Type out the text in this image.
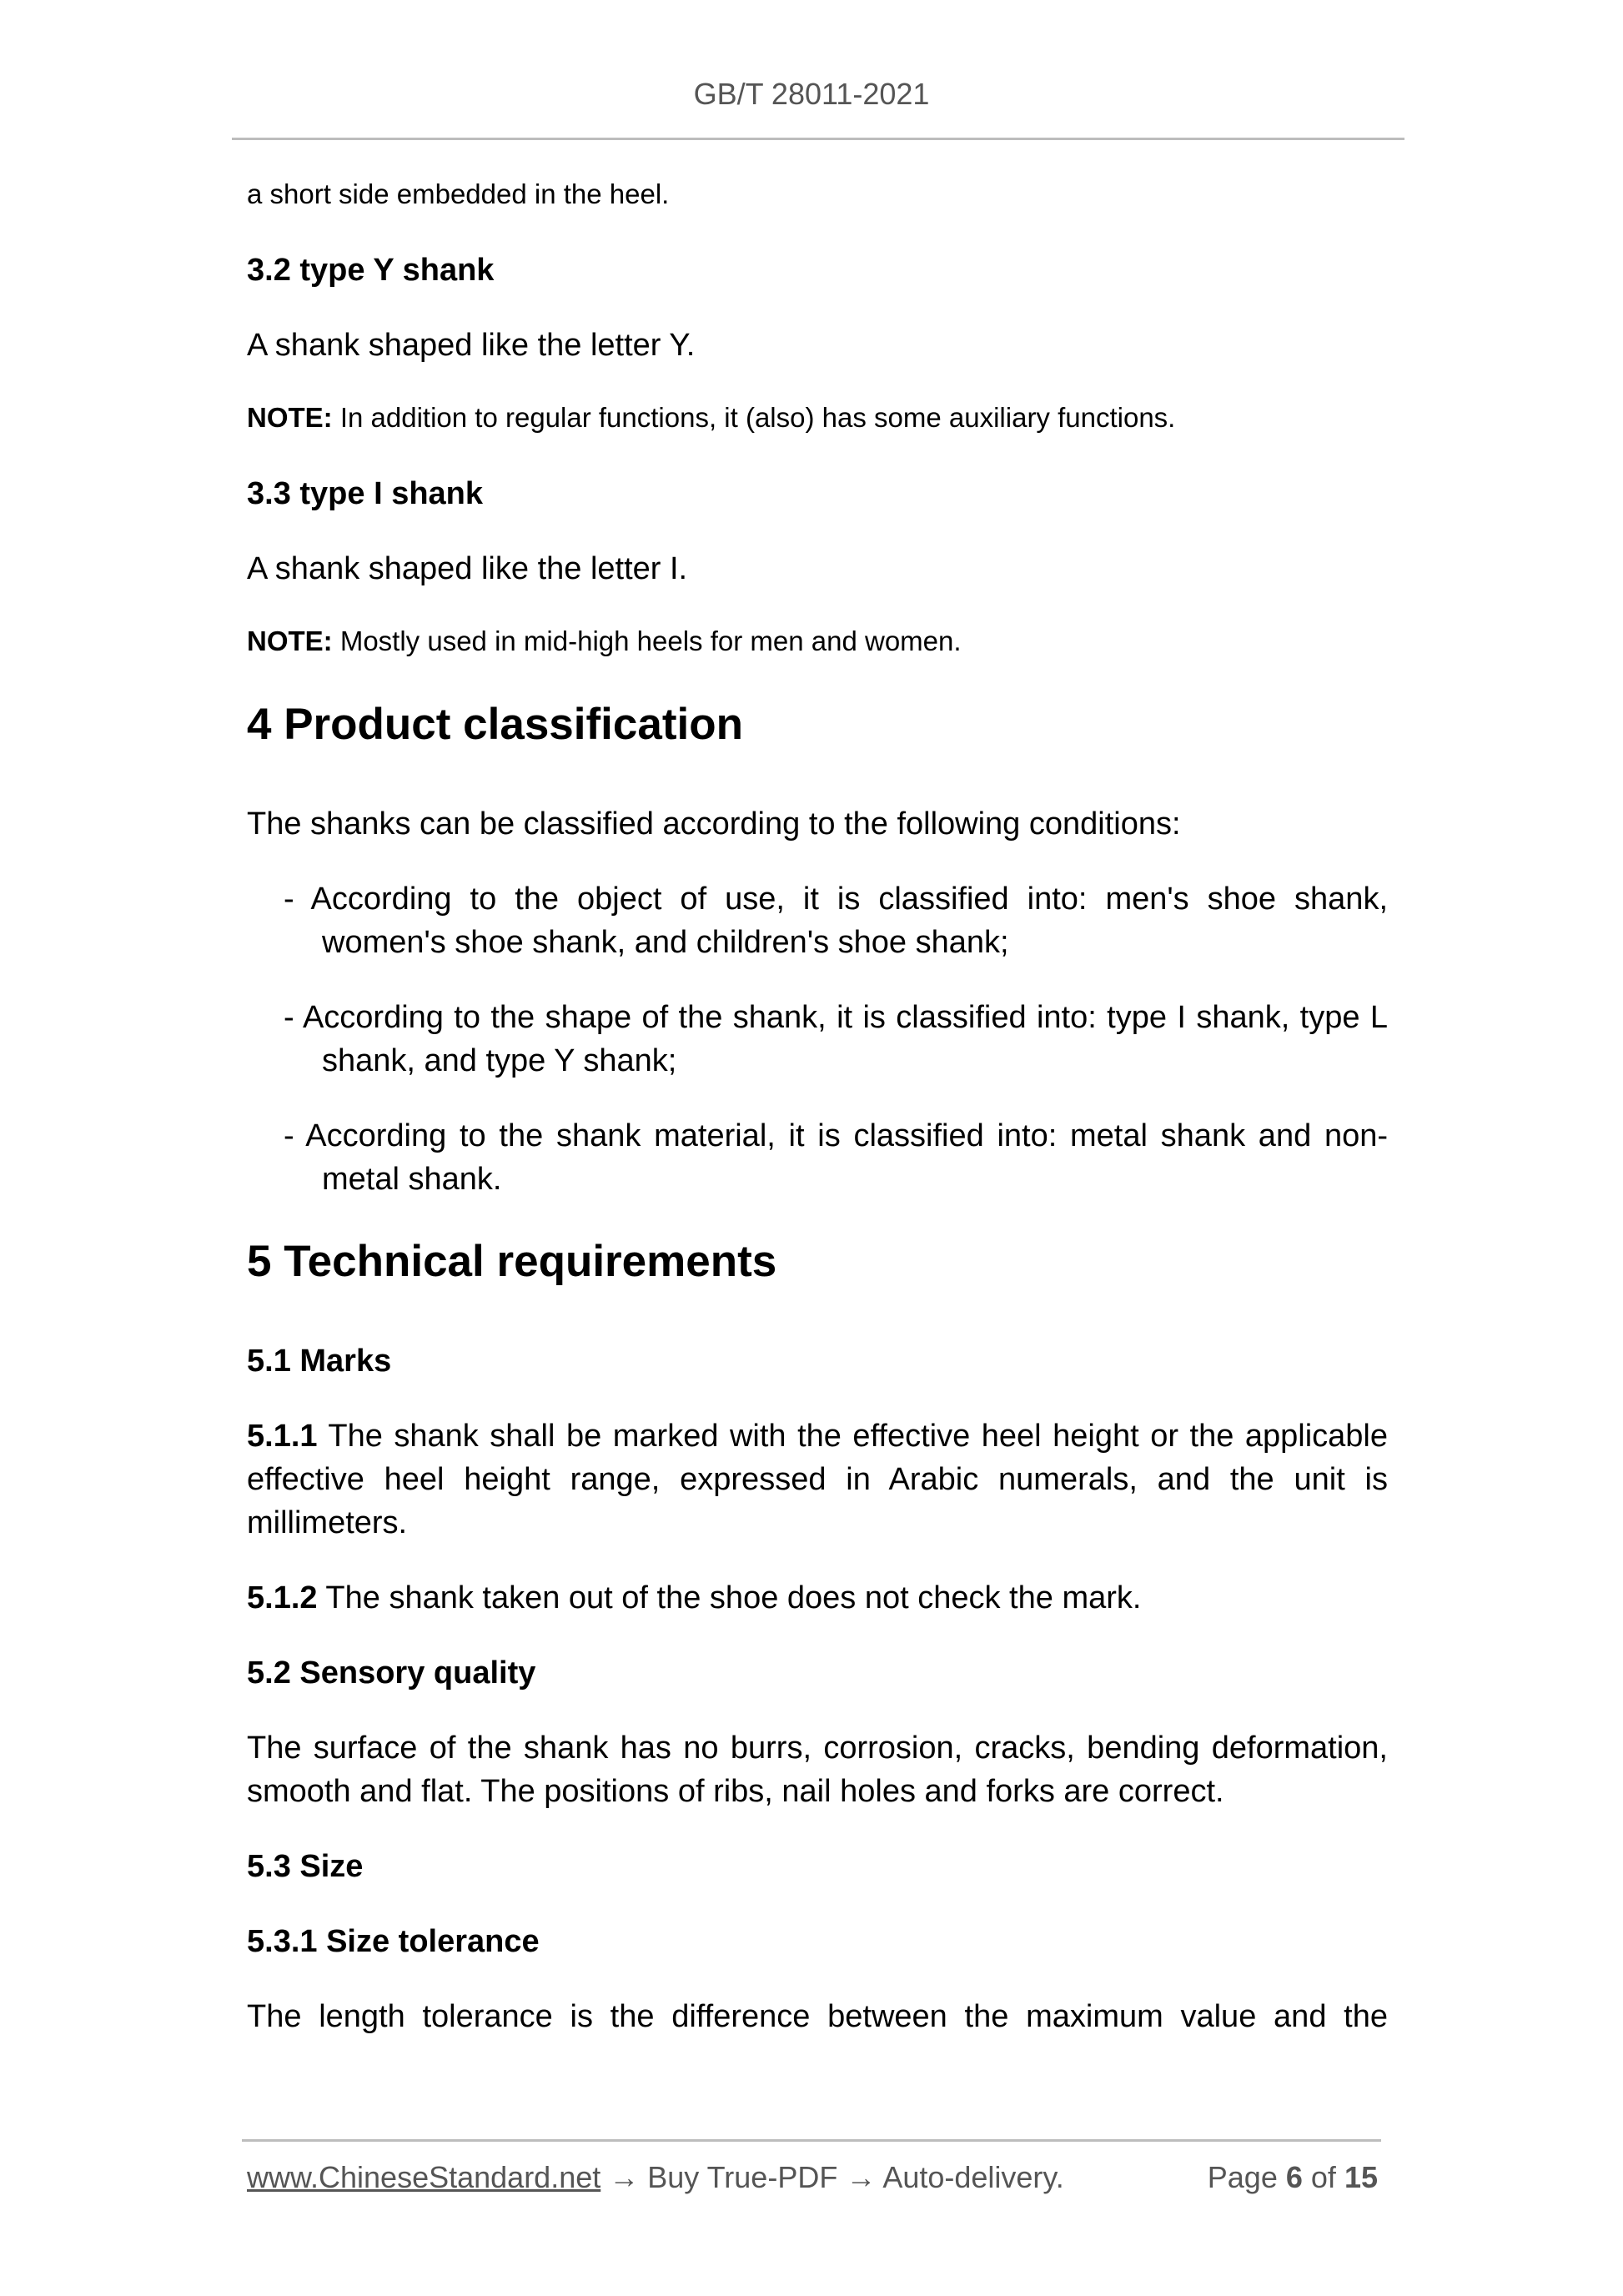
GB/T 28011-2021

a short side embedded in the heel.

3.2 type Y shank

A shank shaped like the letter Y.

NOTE: In addition to regular functions, it (also) has some auxiliary functions.

3.3 type I shank

A shank shaped like the letter I.

NOTE: Mostly used in mid-high heels for men and women.

4 Product classification

The shanks can be classified according to the following conditions:

- According to the object of use, it is classified into: men's shoe shank, women's shoe shank, and children's shoe shank;

- According to the shape of the shank, it is classified into: type I shank, type L shank, and type Y shank;

- According to the shank material, it is classified into: metal shank and non-metal shank.

5 Technical requirements
5.1 Marks

5.1.1 The shank shall be marked with the effective heel height or the applicable effective heel height range, expressed in Arabic numerals, and the unit is millimeters.

5.1.2 The shank taken out of the shoe does not check the mark.

5.2 Sensory quality

The surface of the shank has no burrs, corrosion, cracks, bending deformation, smooth and flat. The positions of ribs, nail holes and forks are correct.

5.3 Size
5.3.1 Size tolerance

The length tolerance is the difference between the maximum value and the

www.ChineseStandard.net → Buy True-PDF → Auto-delivery.	Page 6 of 15
